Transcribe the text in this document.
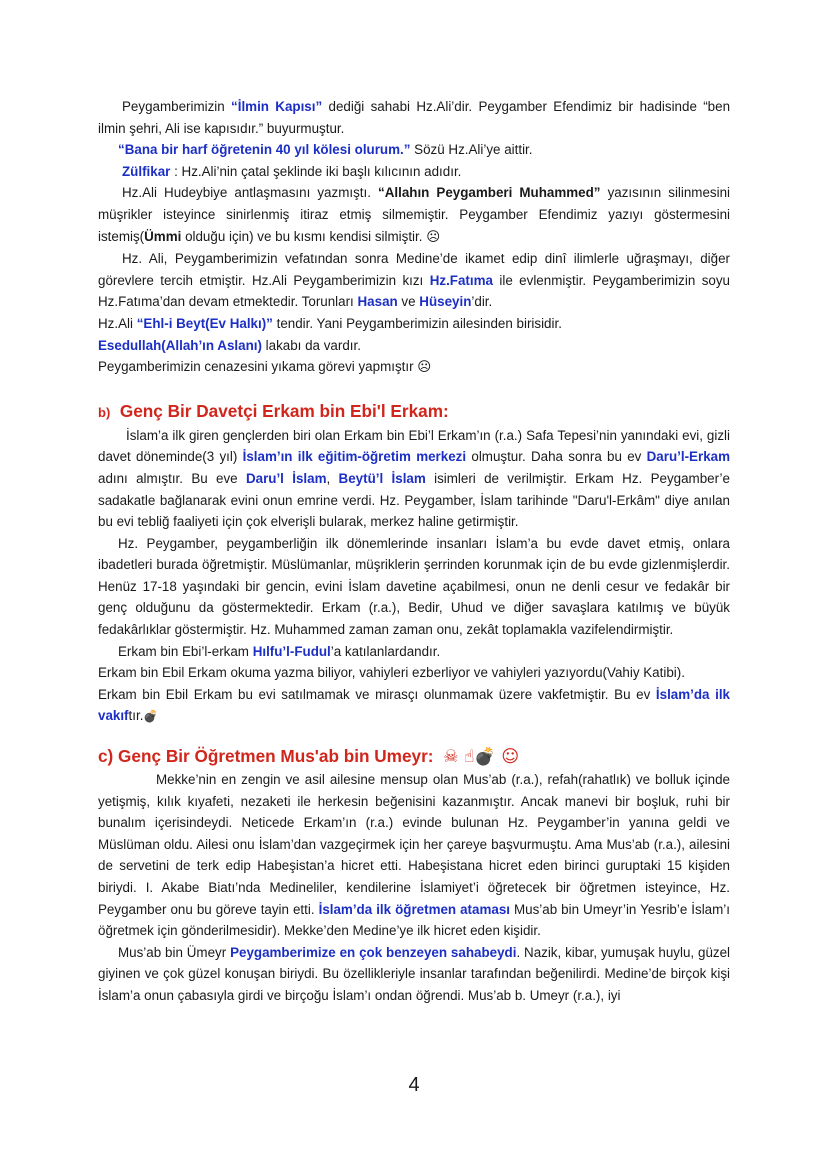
Peygamberimizin “İlmin Kapısı” dediği sahabi Hz.Ali’dir. Peygamber Efendimiz bir hadisinde “ben ilmin şehri, Ali ise kapısıdır.” buyurmuştur.

“Bana bir harf öğretenin 40 yıl kölesi olurum.” Sözü Hz.Ali’ye aittir.

Zülfikar : Hz.Ali’nin çatal şeklinde iki başlı kılıcının adıdır.

Hz.Ali Hudeybiye antlaşmasını yazmıştı. “Allahın Peygamberi Muhammed” yazısının silinmesini müşrikler isteyince sinirlenmiş itiraz etmiş silmemiştir. Peygamber Efendimiz yazıyı göstermesini istemiş(Ümmi olduğu için) ve bu kısmı kendisi silmiştir. ☹

Hz. Ali, Peygamberimizin vefatından sonra Medine’de ikamet edip dinî ilimlerle uğraşmayı, diğer görevlere tercih etmiştir. Hz.Ali Peygamberimizin kızı Hz.Fatıma ile evlenmiştir. Peygamberimizin soyu Hz.Fatıma’dan devam etmektedir. Torunları Hasan ve Hüseyin’dir.

Hz.Ali “Ehl-i Beyt(Ev Halkı)” tendir. Yani Peygamberimizin ailesinden birisidir.

Esedullah(Allah’ın Aslanı) lakabı da vardır.

Peygamberimizin cenazesini yıkama görevi yapmıştır ☹

b) Genç Bir Davetçi Erkam bin Ebi'l Erkam:

İslam’a ilk giren gençlerden biri olan Erkam bin Ebi’l Erkam’ın (r.a.) Safa Tepesi’nin yanındaki evi, gizli davet döneminde(3 yıl) İslam’ın ilk eğitim-öğretim merkezi olmuştur. Daha sonra bu ev Daru’l-Erkam adını almıştır. Bu eve Daru’l İslam, Beytü’l İslam isimleri de verilmiştir. Erkam Hz. Peygamber’e sadakatle bağlanarak evini onun emrine verdi. Hz. Peygamber, İslam tarihinde "Daru'l-Erkâm" diye anılan bu evi tebliğ faaliyeti için çok elverişli bularak, merkez haline getirmiştir.

Hz. Peygamber, peygamberliğin ilk dönemlerinde insanları İslam’a bu evde davet etmiş, onlara ibadetleri burada öğretmiştir. Müslümanlar, müşriklerin şerrinden korunmak için de bu evde gizlenmişlerdir. Henüz 17-18 yaşındaki bir gencin, evini İslam davetine açabilmesi, onun ne denli cesur ve fedakâr bir genç olduğunu da göstermektedir. Erkam (r.a.), Bedir, Uhud ve diğer savaşlara katılmış ve büyük fedakârlıklar göstermiştir. Hz. Muhammed zaman zaman onu, zekât toplamakla vazifelendirmiştir.

Erkam bin Ebi’l-erkam Hılfu’l-Fudul’a katılanlardandır.

Erkam bin Ebil Erkam okuma yazma biliyor, vahiyleri ezberliyor ve vahiyleri yazıyordu(Vahiy Katibi).

Erkam bin Ebil Erkam bu evi satılmamak ve mirasçı olunmamak üzere vakfetmiştir. Bu ev İslam’da ilk vakıftır.💣

c) Genç Bir Öğretmen Mus'ab bin Umeyr: ☠ ☝💣 ☺

Mekke’nin en zengin ve asil ailesine mensup olan Mus’ab (r.a.), refah(rahatlık) ve bolluk içinde yetişmiş, kılık kıyafeti, nezaketi ile herkesin beğenisini kazanmıştır. Ancak manevi bir boşluk, ruhi bir bunalım içerisindeydi. Neticede Erkam’ın (r.a.) evinde bulunan Hz. Peygamber’in yanına geldi ve Müslüman oldu. Ailesi onu İslam’dan vazgeçirmek için her çareye başvurmuştu. Ama Mus’ab (r.a.), ailesini de servetini de terk edip Habeşistan’a hicret etti. Habeşistana hicret eden birinci guruptaki 15 kişiden biriydi. I. Akabe Biatı’nda Medineliler, kendilerine İslamiyet’i öğretecek bir öğretmen isteyince, Hz. Peygamber onu bu göreve tayin etti. İslam’da ilk öğretmen ataması Mus’ab bin Umeyr’in Yesrib’e İslam’ı öğretmek için gönderilmesidir). Mekke’den Medine’ye ilk hicret eden kişidir.

Mus’ab bin Ümeyr Peygamberimize en çok benzeyen sahabeydi. Nazik, kibar, yumuşak huylu, güzel giyinen ve çok güzel konuşan biriydi. Bu özellikleriyle insanlar tarafından beğenilirdi. Medine’de birçok kişi İslam’a onun çabasıyla girdi ve birçoğu İslam’ı ondan öğrendi. Mus’ab b. Umeyr (r.a.), iyi

4
